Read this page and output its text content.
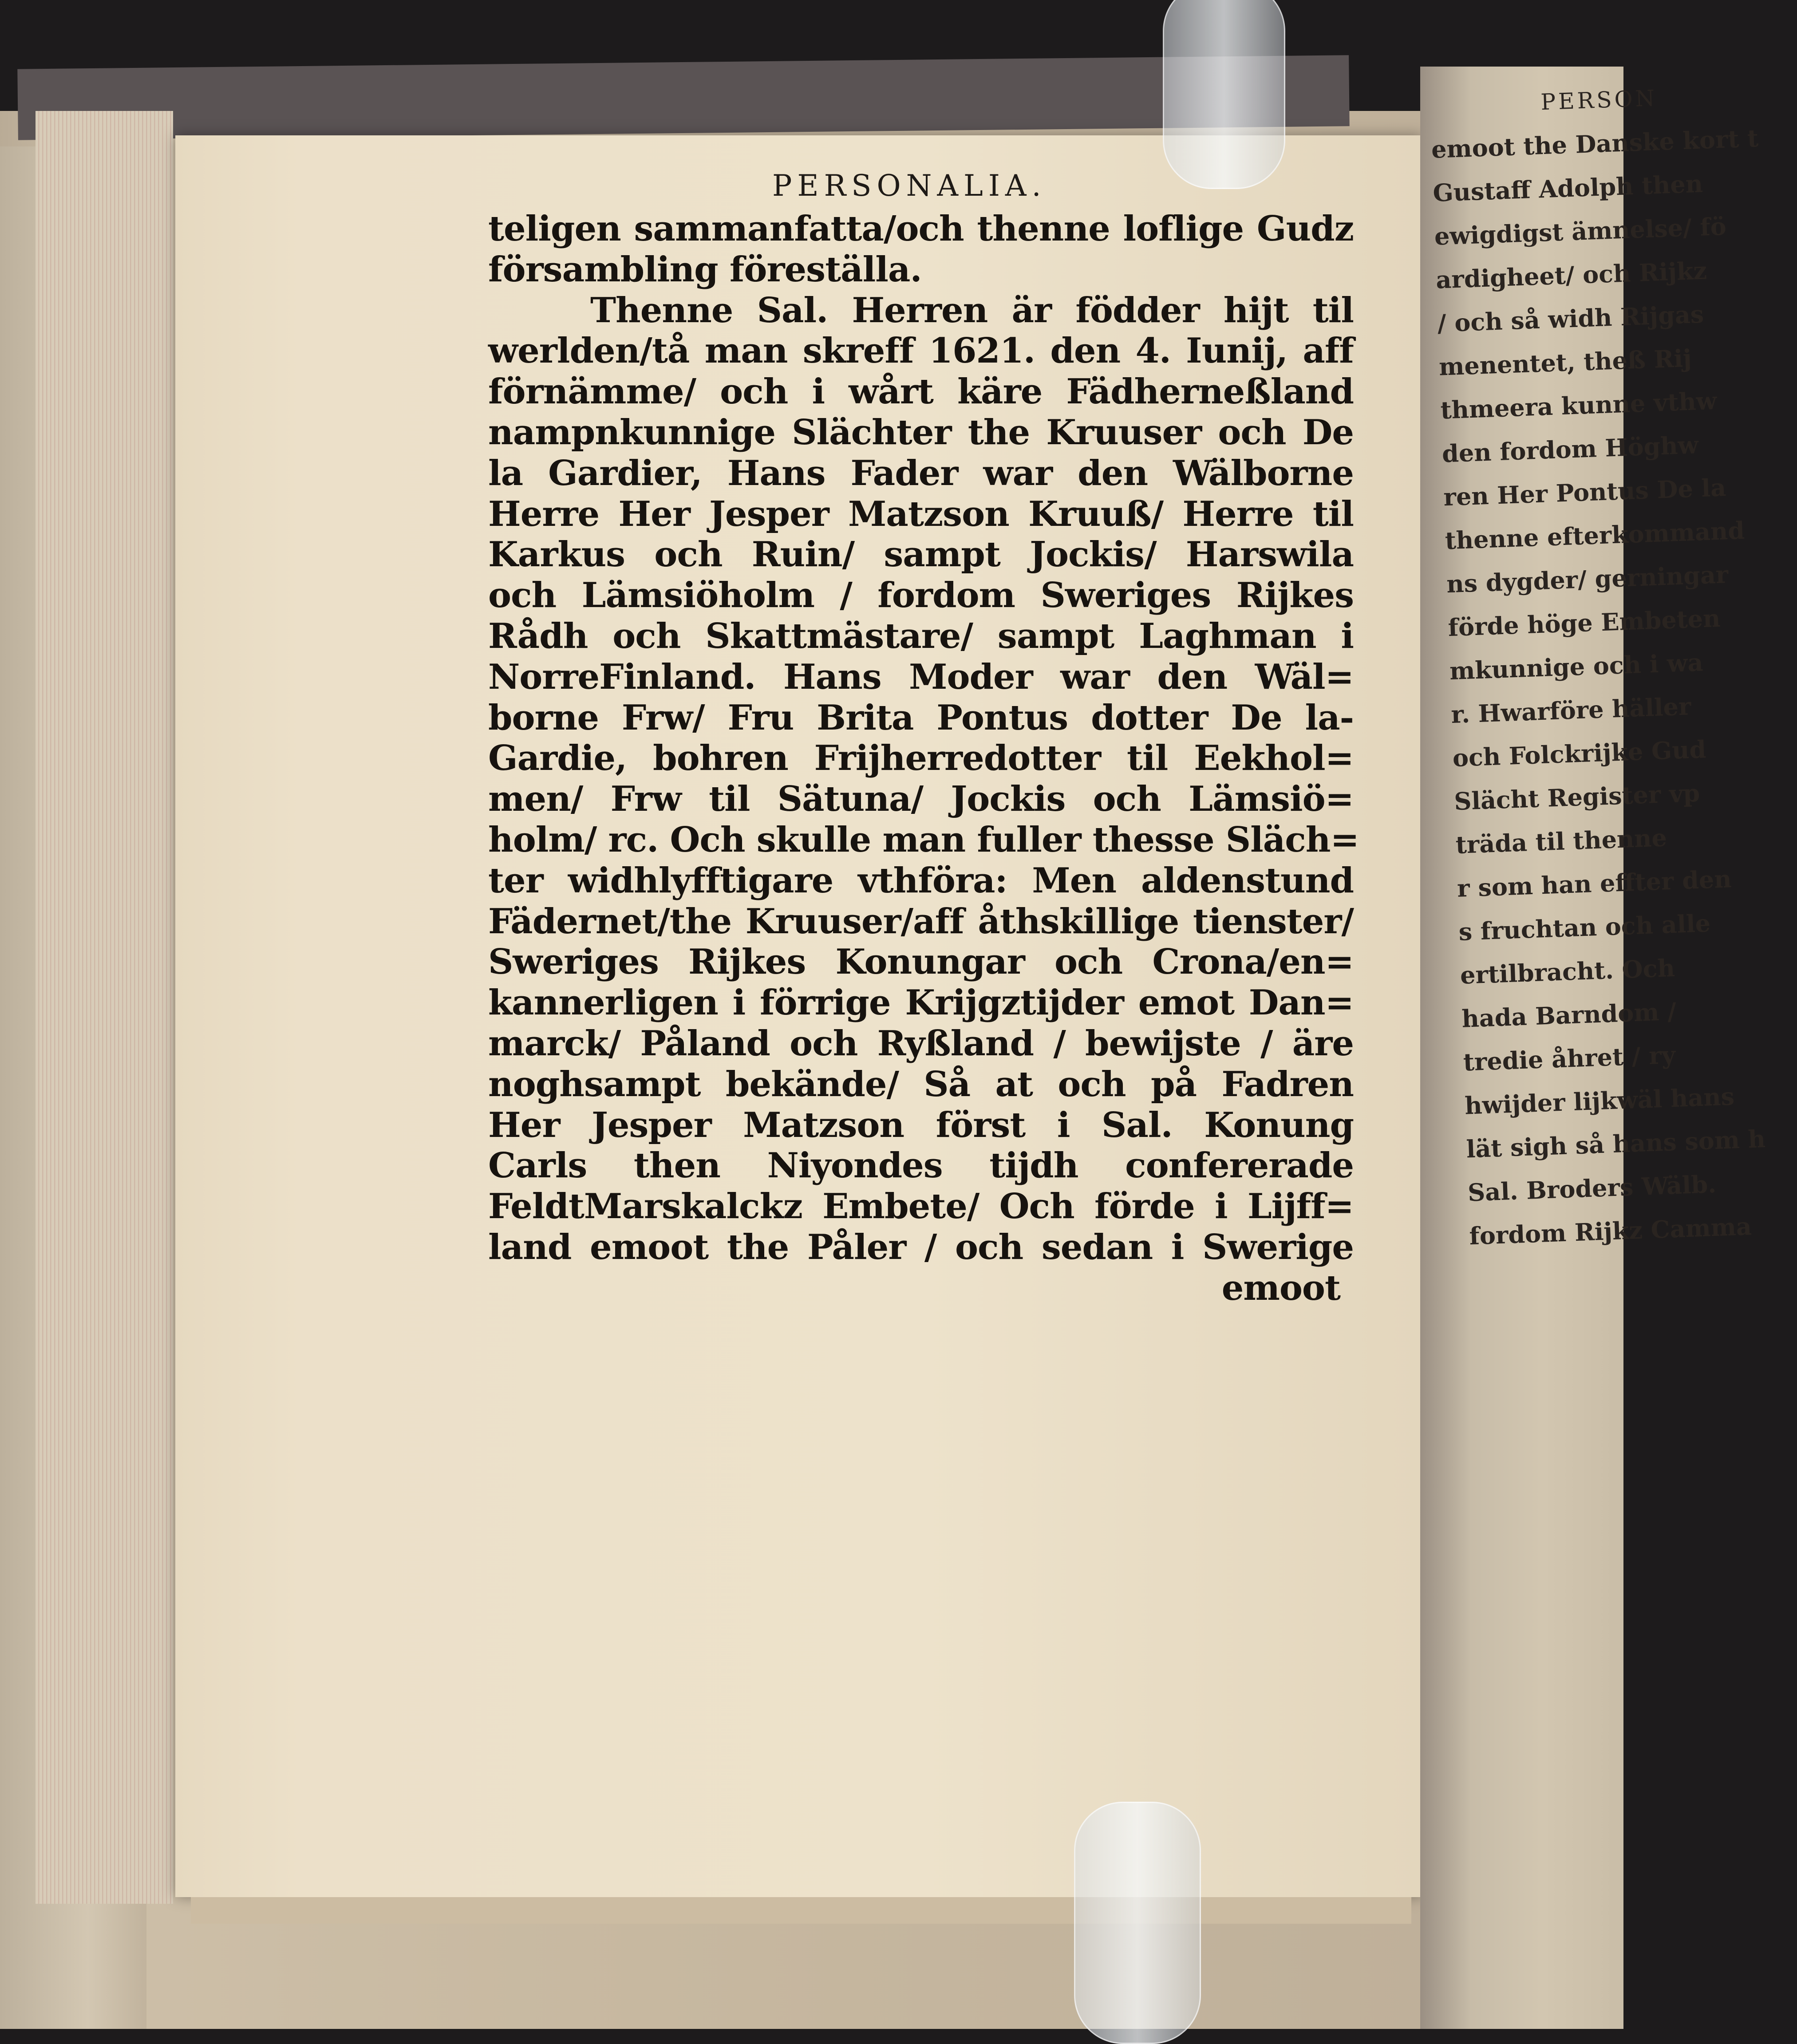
PERSONALIA.
teligen sammanfatta/och thenne loflige Gudz
försambling föreställa.
Thenne Sal. Herren är födder hijt til
werlden/tå man skreff 1621. den 4. Iunij, aff
förnämme/ och i wårt käre Fädherneßland
nampnkunnige Slächter the Kruuser och De
la Gardier, Hans Fader war den Wälborne
Herre Her Jesper Matzson Kruuß/ Herre til
Karkus och Ruin/ sampt Jockis/ Harswila
och Lämsiöholm / fordom Sweriges Rijkes
Rådh och Skattmästare/ sampt Laghman i
NorreFinland. Hans Moder war den Wäl=
borne Frw/ Fru Brita Pontus dotter De la-
Gardie, bohren Frijherredotter til Eekhol=
men/ Frw til Sätuna/ Jockis och Lämsiö=
holm/ rc. Och skulle man fuller thesse Släch=
ter widhlyfftigare vthföra: Men aldenstund
Fädernet/the Kruuser/aff åthskillige tienster/
Sweriges Rijkes Konungar och Crona/en=
kannerligen i förrige Krijgztijder emot Dan=
marck/ Påland och Ryßland / bewijste / äre
noghsampt bekände/ Så at och på Fadren
Her Jesper Matzson först i Sal. Konung
Carls then Niyondes tijdh confererade
FeldtMarskalckz Embete/ Och förde i Lijff=
land emoot the Påler / och sedan i Swerige
emoot
PERSON
emoot the Danske kort t
Gustaff Adolph then
ewigdigst ämnelse/ fö
ardigheet/ och Rijkz
/ och så widh Rijgas
menentet, theß Rij
thmeera kunne vthw
den fordom Höghw
ren Her Pontus De la
thenne efterkommand
ns dygder/ gerningar
förde höge Embeten
mkunnige och i wa
r. Hwarföre häller
och Folckrijke Gud
Slächt Register vp
träda til thenne
r som han effter den
s fruchtan och alle
ertilbracht. Och
hada Barndom /
tredie åhret / ry
hwijder lijkwäl hans
lät sigh så hans som h
Sal. Broders Wälb.
fordom Rijkz Camma
